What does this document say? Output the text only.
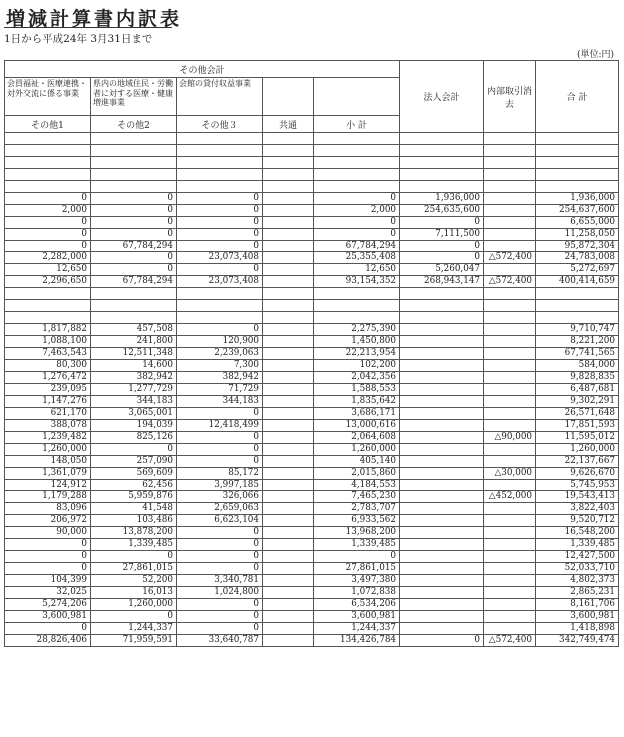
増減計算書内訳表
1日から平成24年 3月31日まで
(単位:円)
その他会計					法人会計	内部取引消去	合 計
会員福祉・医療連携・対外交流に係る事業	県内の地域住民・労働者に対する医療・健康増進事業	会館の貸付収益事業					
その他1	その他2	その他３	共通	小 計			

0	0	0		0	1,936,000		1,936,000
2,000	0	0		2,000	254,635,600		254,637,600
0	0	0		0	0		6,655,000
0	0	0		0	7,111,500		11,258,050
0	67,784,294	0		67,784,294	0		95,872,304
2,282,000	0	23,073,408		25,355,408	0	△572,400	24,783,008
12,650	0	0		12,650	5,260,047		5,272,697
2,296,650	67,784,294	23,073,408		93,154,352	268,943,147	△572,400	400,414,659

1,817,882	457,508	0		2,275,390			9,710,747
1,088,100	241,800	120,900		1,450,800			8,221,200
7,463,543	12,511,348	2,239,063		22,213,954			67,741,565
80,300	14,600	7,300		102,200			584,000
1,276,472	382,942	382,942		2,042,356			9,828,835
239,095	1,277,729	71,729		1,588,553			6,487,681
1,147,276	344,183	344,183		1,835,642			9,302,291
621,170	3,065,001	0		3,686,171			26,571,648
388,078	194,039	12,418,499		13,000,616			17,851,593
1,239,482	825,126	0		2,064,608		△90,000	11,595,012
1,260,000	0	0		1,260,000			1,260,000
148,050	257,090	0		405,140			22,137,667
1,361,079	569,609	85,172		2,015,860		△30,000	9,626,670
124,912	62,456	3,997,185		4,184,553			5,745,953
1,179,288	5,959,876	326,066		7,465,230		△452,000	19,543,413
83,096	41,548	2,659,063		2,783,707			3,822,403
206,972	103,486	6,623,104		6,933,562			9,520,712
90,000	13,878,200	0		13,968,200			16,548,200
0	1,339,485	0		1,339,485			1,339,485
0	0	0		0			12,427,500
0	27,861,015	0		27,861,015			52,033,710
104,399	52,200	3,340,781		3,497,380			4,802,373
32,025	16,013	1,024,800		1,072,838			2,865,231
5,274,206	1,260,000	0		6,534,206			8,161,706
3,600,981	0	0		3,600,981			3,600,981
0	1,244,337	0		1,244,337			1,418,898
28,826,406	71,959,591	33,640,787		134,426,784	0	△572,400	342,749,474
